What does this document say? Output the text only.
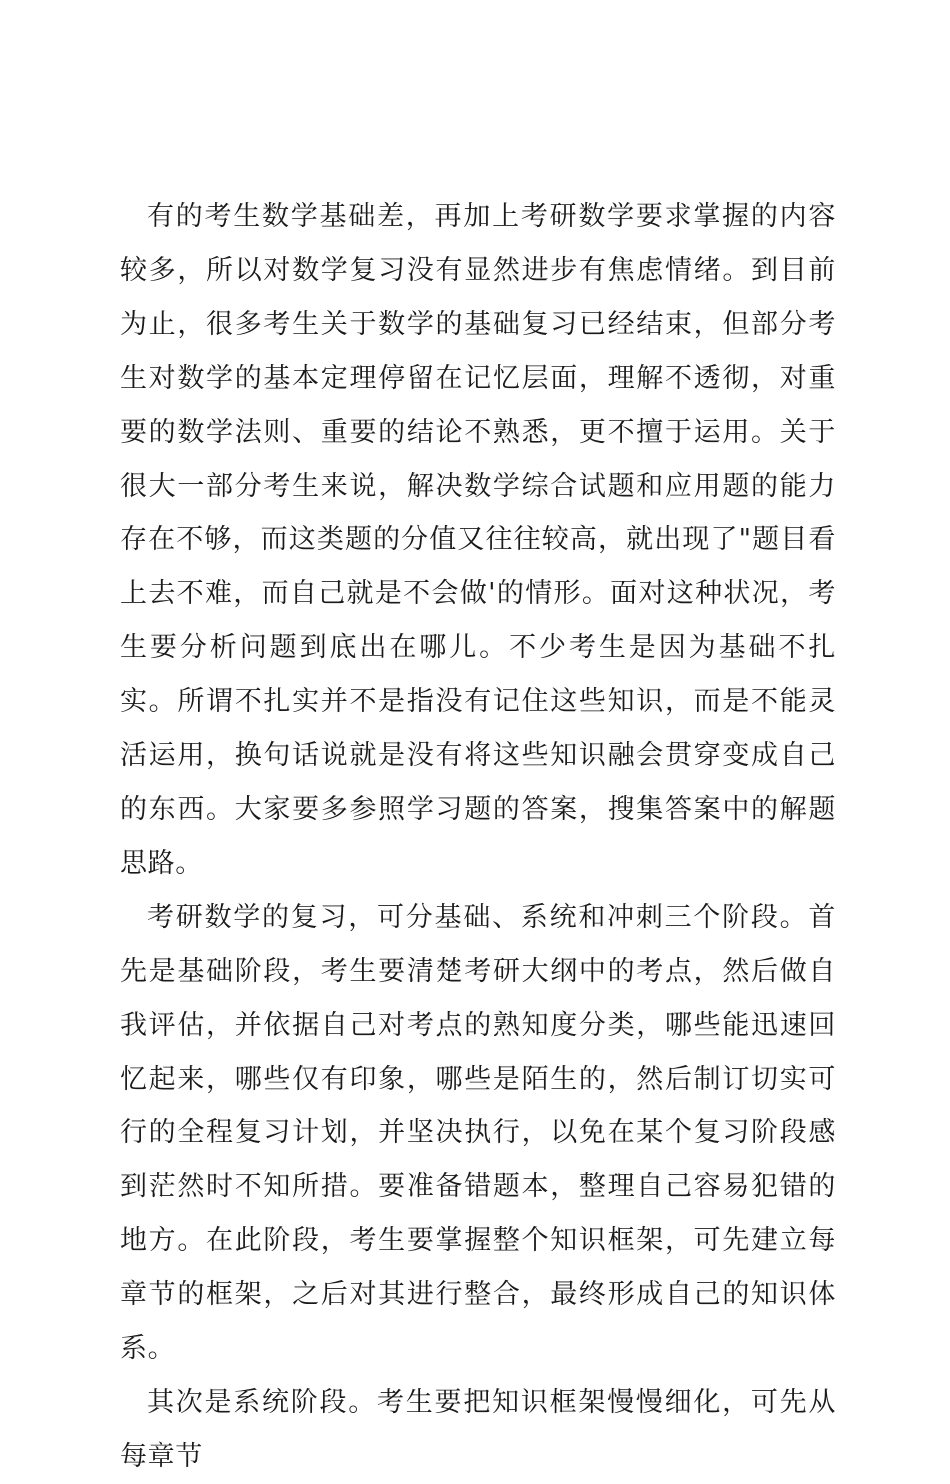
有的考生数学基础差，再加上考研数学要求掌握的内容较多，所以对数学复习没有显然进步有焦虑情绪。到目前为止，很多考生关于数学的基础复习已经结束，但部分考生对数学的基本定理停留在记忆层面，理解不透彻，对重要的数学法则、重要的结论不熟悉，更不擅于运用。关于很大一部分考生来说，解决数学综合试题和应用题的能力存在不够，而这类题的分值又往往较高，就出现了"题目看上去不难，而自己就是不会做'的情形。面对这种状况，考生要分析问题到底出在哪儿。不少考生是因为基础不扎实。所谓不扎实并不是指没有记住这些知识，而是不能灵活运用，换句话说就是没有将这些知识融会贯穿变成自己的东西。大家要多参照学习题的答案，搜集答案中的解题思路。

考研数学的复习，可分基础、系统和冲刺三个阶段。首先是基础阶段，考生要清楚考研大纲中的考点，然后做自我评估，并依据自己对考点的熟知度分类，哪些能迅速回忆起来，哪些仅有印象，哪些是陌生的，然后制订切实可行的全程复习计划，并坚决执行，以免在某个复习阶段感到茫然时不知所措。要准备错题本，整理自己容易犯错的地方。在此阶段，考生要掌握整个知识框架，可先建立每章节的框架，之后对其进行整合，最终形成自己的知识体系。

其次是系统阶段。考生要把知识框架慢慢细化，可先从每章节
